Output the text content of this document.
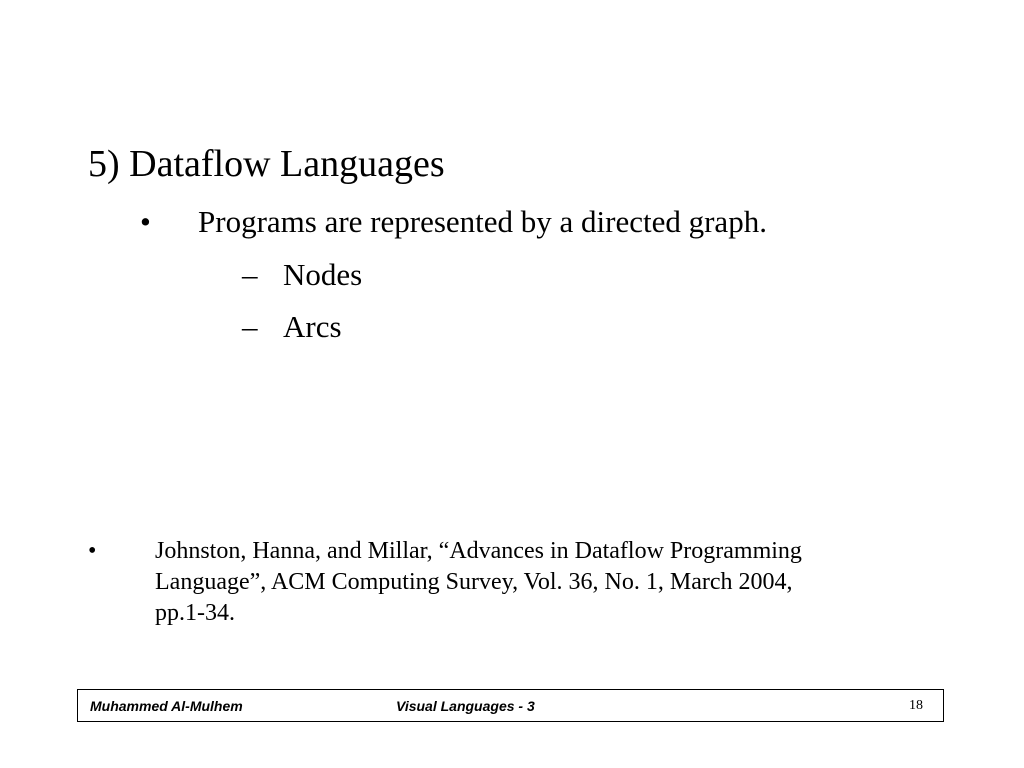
5) Dataflow Languages
• Programs are represented by a directed graph.
– Nodes
– Arcs
• Johnston, Hanna, and Millar, “Advances in Dataflow Programming
Language”, ACM Computing Survey, Vol. 36, No. 1, March 2004,
pp.1-34.
Muhammed Al-Mulhem	Visual Languages - 3	18
